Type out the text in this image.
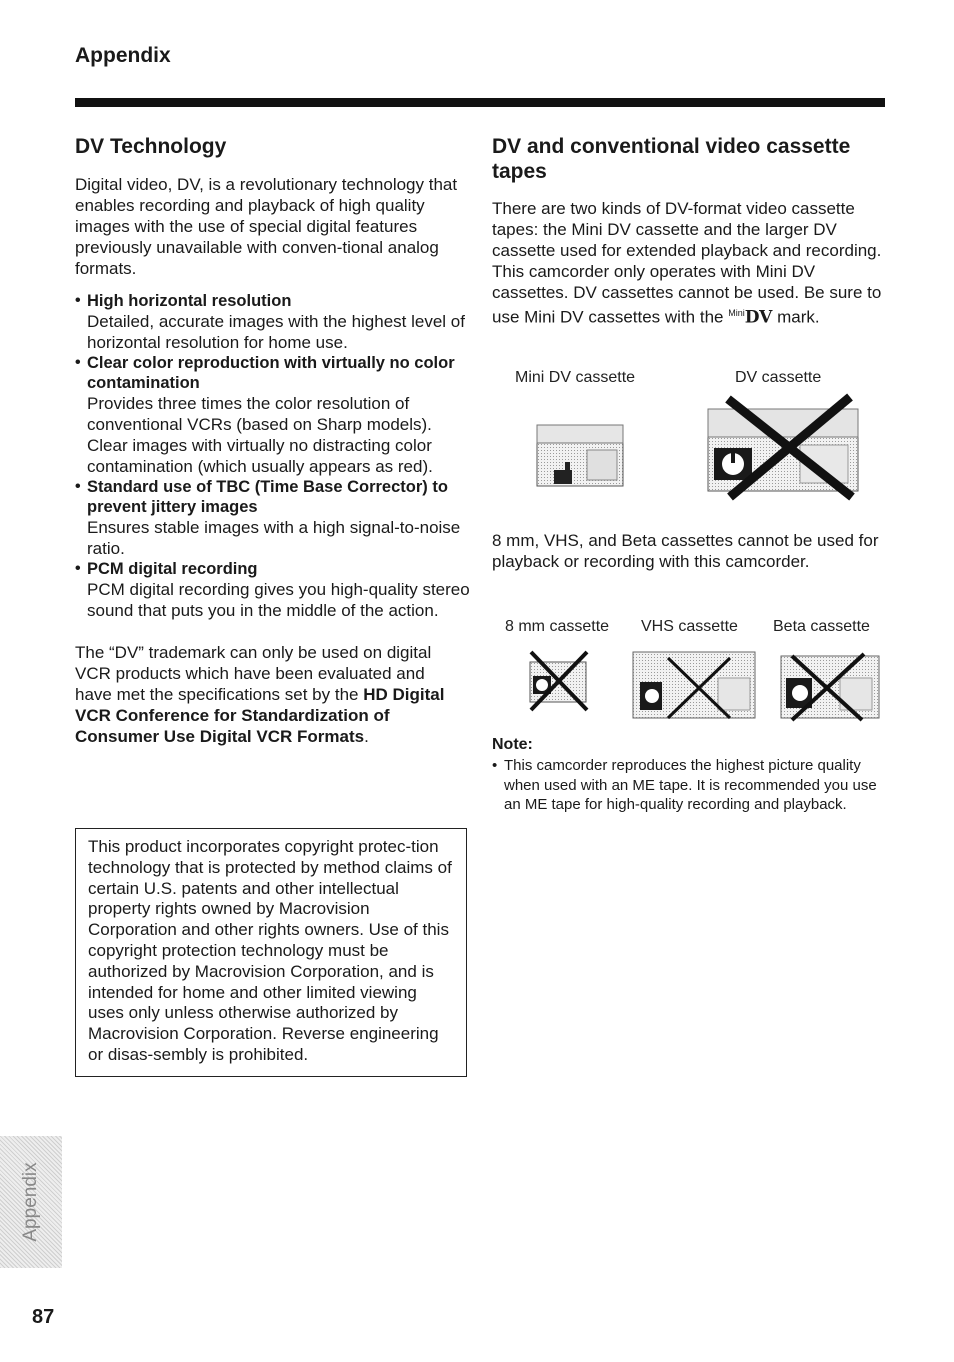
Appendix
DV Technology

Digital video, DV, is a revolutionary technology that enables recording and playback of high quality images with the use of special digital features previously unavailable with conven-tional analog formats.

• High horizontal resolution
Detailed, accurate images with the highest level of horizontal resolution for home use.
• Clear color reproduction with virtually no color contamination
Provides three times the color resolution of conventional VCRs (based on Sharp models). Clear images with virtually no distracting color contamination (which usually appears as red).
• Standard use of TBC (Time Base Corrector) to prevent jittery images
Ensures stable images with a high signal-to-noise ratio.
• PCM digital recording
PCM digital recording gives you high-quality stereo sound that puts you in the middle of the action.

The “DV” trademark can only be used on digital VCR products which have been evaluated and have met the specifications set by the HD Digital VCR Conference for Standardization of Consumer Use Digital VCR Formats.

This product incorporates copyright protec-tion technology that is protected by method claims of certain U.S. patents and other intellectual property rights owned by Macrovision Corporation and other rights owners. Use of this copyright protection technology must be authorized by Macrovision Corporation, and is intended for home and other limited viewing uses only unless otherwise authorized by Macrovision Corporation. Reverse engineering or disas-sembly is prohibited.
DV and conventional video cassette tapes

There are two kinds of DV-format video cassette tapes: the Mini DV cassette and the larger DV cassette used for extended playback and recording. This camcorder only operates with Mini DV cassettes. DV cassettes cannot be used. Be sure to use Mini DV cassettes with the $^{Mini}$DV mark.

Mini DV cassette	DV cassette

8 mm, VHS, and Beta cassettes cannot be used for playback or recording with this camcorder.

8 mm cassette VHS cassette Beta cassette

Note:

• This camcorder reproduces the highest picture quality when used with an ME tape. It is recommended you use an ME tape for high-quality recording and playback.
Appendix
87
